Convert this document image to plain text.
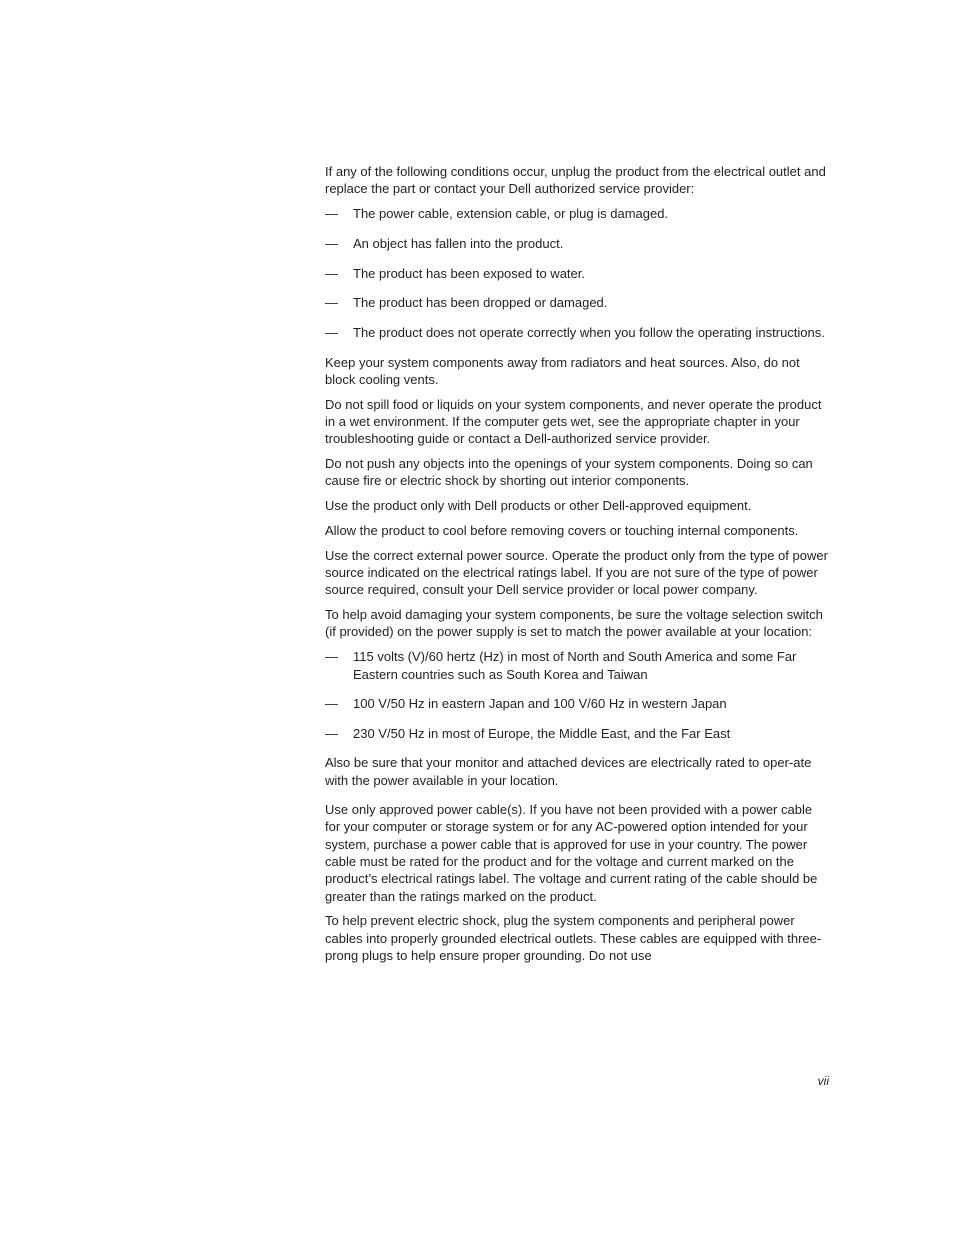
If any of the following conditions occur, unplug the product from the electrical outlet and replace the part or contact your Dell authorized service provider:

—	The power cable, extension cable, or plug is damaged.
—	An object has fallen into the product.
—	The product has been exposed to water.
—	The product has been dropped or damaged.
—	The product does not operate correctly when you follow the operating instructions.

Keep your system components away from radiators and heat sources. Also, do not block cooling vents.

Do not spill food or liquids on your system components, and never operate the product in a wet environment. If the computer gets wet, see the appropriate chapter in your troubleshooting guide or contact a Dell-authorized service provider.

Do not push any objects into the openings of your system components. Doing so can cause fire or electric shock by shorting out interior components.

Use the product only with Dell products or other Dell-approved equipment.

Allow the product to cool before removing covers or touching internal components.

Use the correct external power source. Operate the product only from the type of power source indicated on the electrical ratings label. If you are not sure of the type of power source required, consult your Dell service provider or local power company.

To help avoid damaging your system components, be sure the voltage selection switch (if provided) on the power supply is set to match the power available at your location:

—	115 volts (V)/60 hertz (Hz) in most of North and South America and some Far Eastern countries such as South Korea and Taiwan
—	100 V/50 Hz in eastern Japan and 100 V/60 Hz in western Japan
—	230 V/50 Hz in most of Europe, the Middle East, and the Far East

Also be sure that your monitor and attached devices are electrically rated to oper-ate with the power available in your location.

Use only approved power cable(s). If you have not been provided with a power cable for your computer or storage system or for any AC-powered option intended for your system, purchase a power cable that is approved for use in your country. The power cable must be rated for the product and for the voltage and current marked on the product’s electrical ratings label. The voltage and current rating of the cable should be greater than the ratings marked on the product.

To help prevent electric shock, plug the system components and peripheral power cables into properly grounded electrical outlets. These cables are equipped with three-prong plugs to help ensure proper grounding. Do not use

vii
